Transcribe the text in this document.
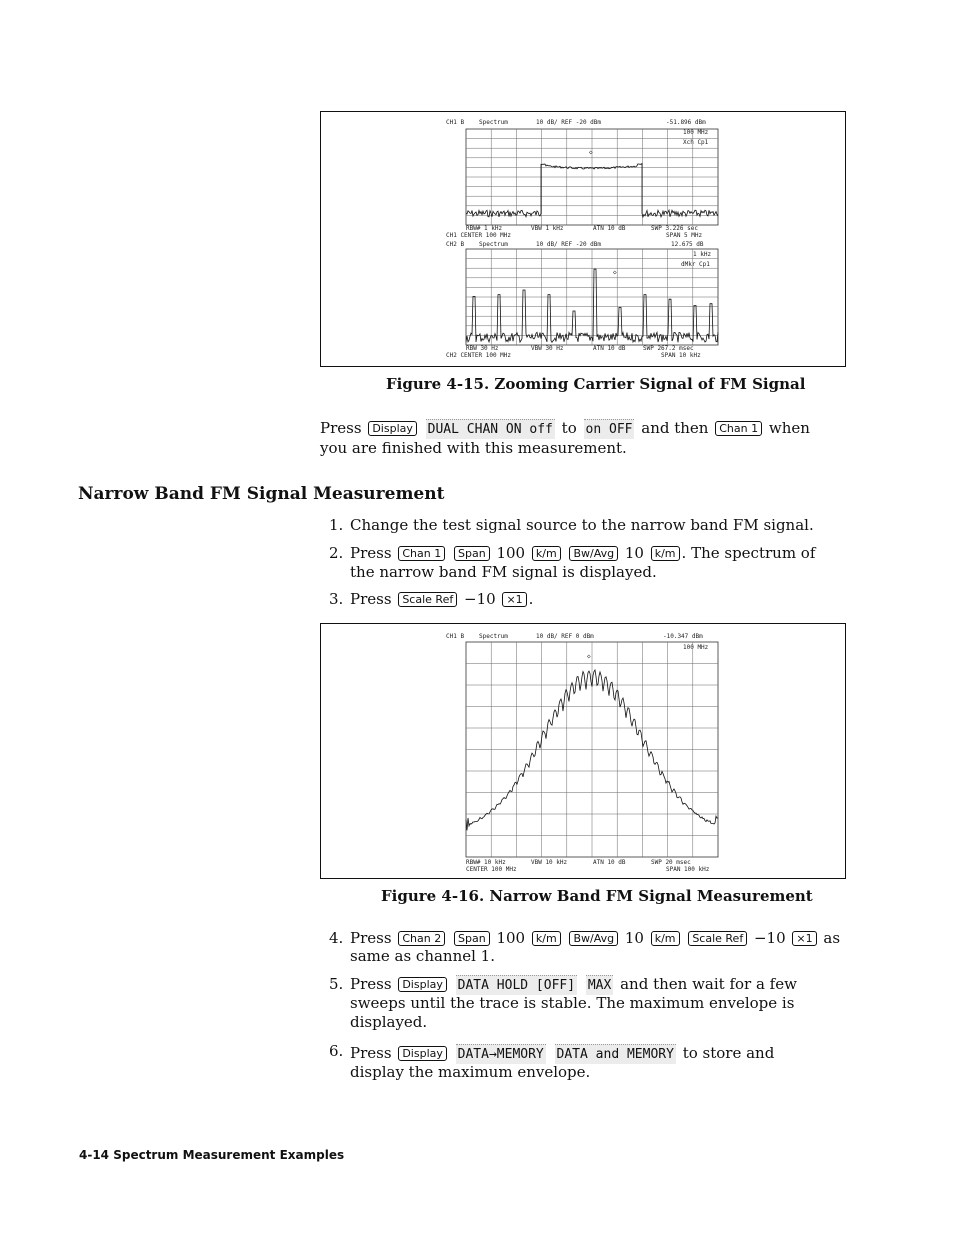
CH1 B Spectrum	10 dB/ REF -20 dBm	-51.896 dBm
100 MHz
Xch Cp1
◇
RBW# 1 kHz	VBW 1 kHz	ATN 10 dB	SWP 3.226 sec
CH1 CENTER 100 MHz	SPAN 5 MHz
CH2 B Spectrum	10 dB/ REF -20 dBm	12.675 dB
1 kHz
dMkr Cp1
◇
RBW 30 Hz	VBW 30 Hz	ATN 10 dB	SWP 267.2 msec
CH2 CENTER 100 MHz	SPAN 10 kHz
Figure 4-15. Zooming Carrier Signal of FM Signal
Press Display DUAL CHAN ON off to on OFF and then Chan 1 when
you are finished with this measurement.
Narrow Band FM Signal Measurement
1. Change the test signal source to the narrow band FM signal.
2. Press Chan 1 Span 100 k/m Bw/Avg 10 k/m . The spectrum of
the narrow band FM signal is displayed.
3. Press Scale Ref −10 ×1 .
CH1 B Spectrum	10 dB/ REF 0 dBm	-10.347 dBm
100 MHz
◇
RBW# 10 kHz	VBW 10 kHz	ATN 10 dB	SWP 20 msec
CENTER 100 MHz	SPAN 100 kHz
Figure 4-16. Narrow Band FM Signal Measurement
4. Press Chan 2 Span 100 k/m Bw/Avg 10 k/m Scale Ref −10 ×1 as
same as channel 1.
5. Press Display DATA HOLD [OFF] MAX and then wait for a few
sweeps until the trace is stable. The maximum envelope is
displayed.
6. Press Display DATA→MEMORY DATA and MEMORY to store and
display the maximum envelope.
4-14 Spectrum Measurement Examples
